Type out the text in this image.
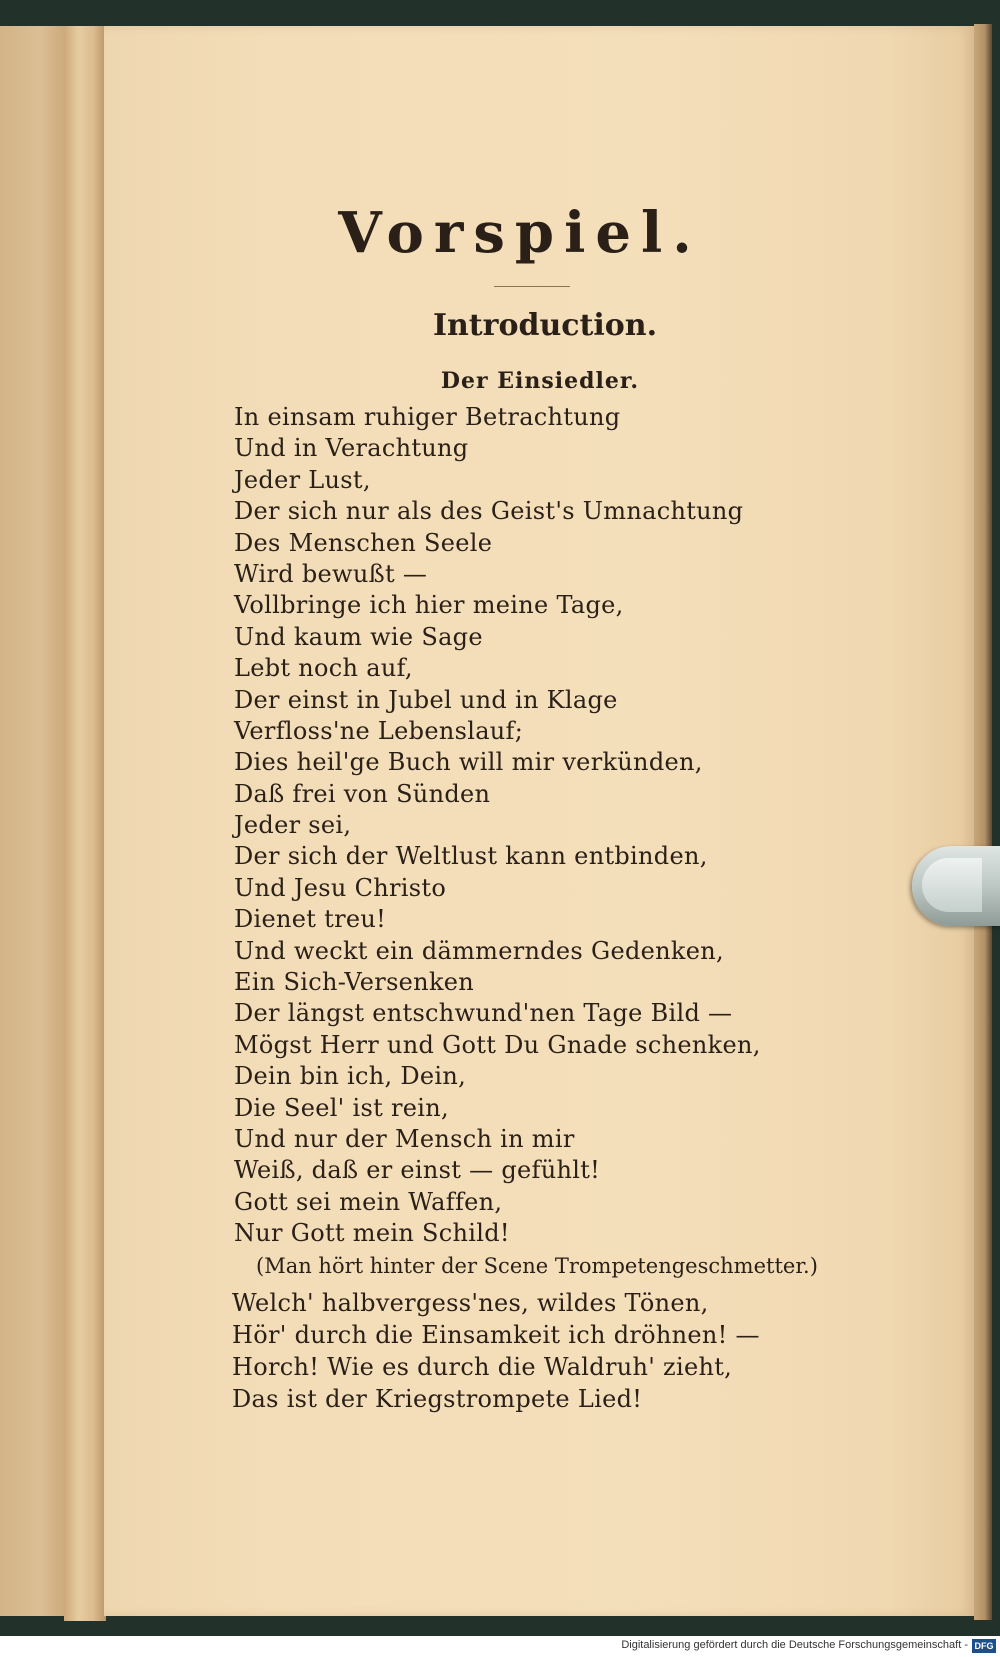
Vorspiel.
Introduction.
Der Einsiedler.
In einsam ruhiger Betrachtung
Und in Verachtung
Jeder Lust,
Der sich nur als des Geist's Umnachtung
Des Menschen Seele
Wird bewußt —
Vollbringe ich hier meine Tage,
Und kaum wie Sage
Lebt noch auf,
Der einst in Jubel und in Klage
Verfloss'ne Lebenslauf;
Dies heil'ge Buch will mir verkünden,
Daß frei von Sünden
Jeder sei,
Der sich der Weltlust kann entbinden,
Und Jesu Christo
Dienet treu!
Und weckt ein dämmerndes Gedenken,
Ein Sich-Versenken
Der längst entschwund'nen Tage Bild —
Mögst Herr und Gott Du Gnade schenken,
Dein bin ich, Dein,
Die Seel' ist rein,
Und nur der Mensch in mir
Weiß, daß er einst — gefühlt!
Gott sei mein Waffen,
Nur Gott mein Schild!
(Man hört hinter der Scene Trompetengeschmetter.)
Welch' halbvergess'nes, wildes Tönen,
Hör' durch die Einsamkeit ich dröhnen! —
Horch! Wie es durch die Waldruh' zieht,
Das ist der Kriegstrompete Lied!
Digitalisierung gefördert durch die Deutsche Forschungsgemeinschaft - DFG
